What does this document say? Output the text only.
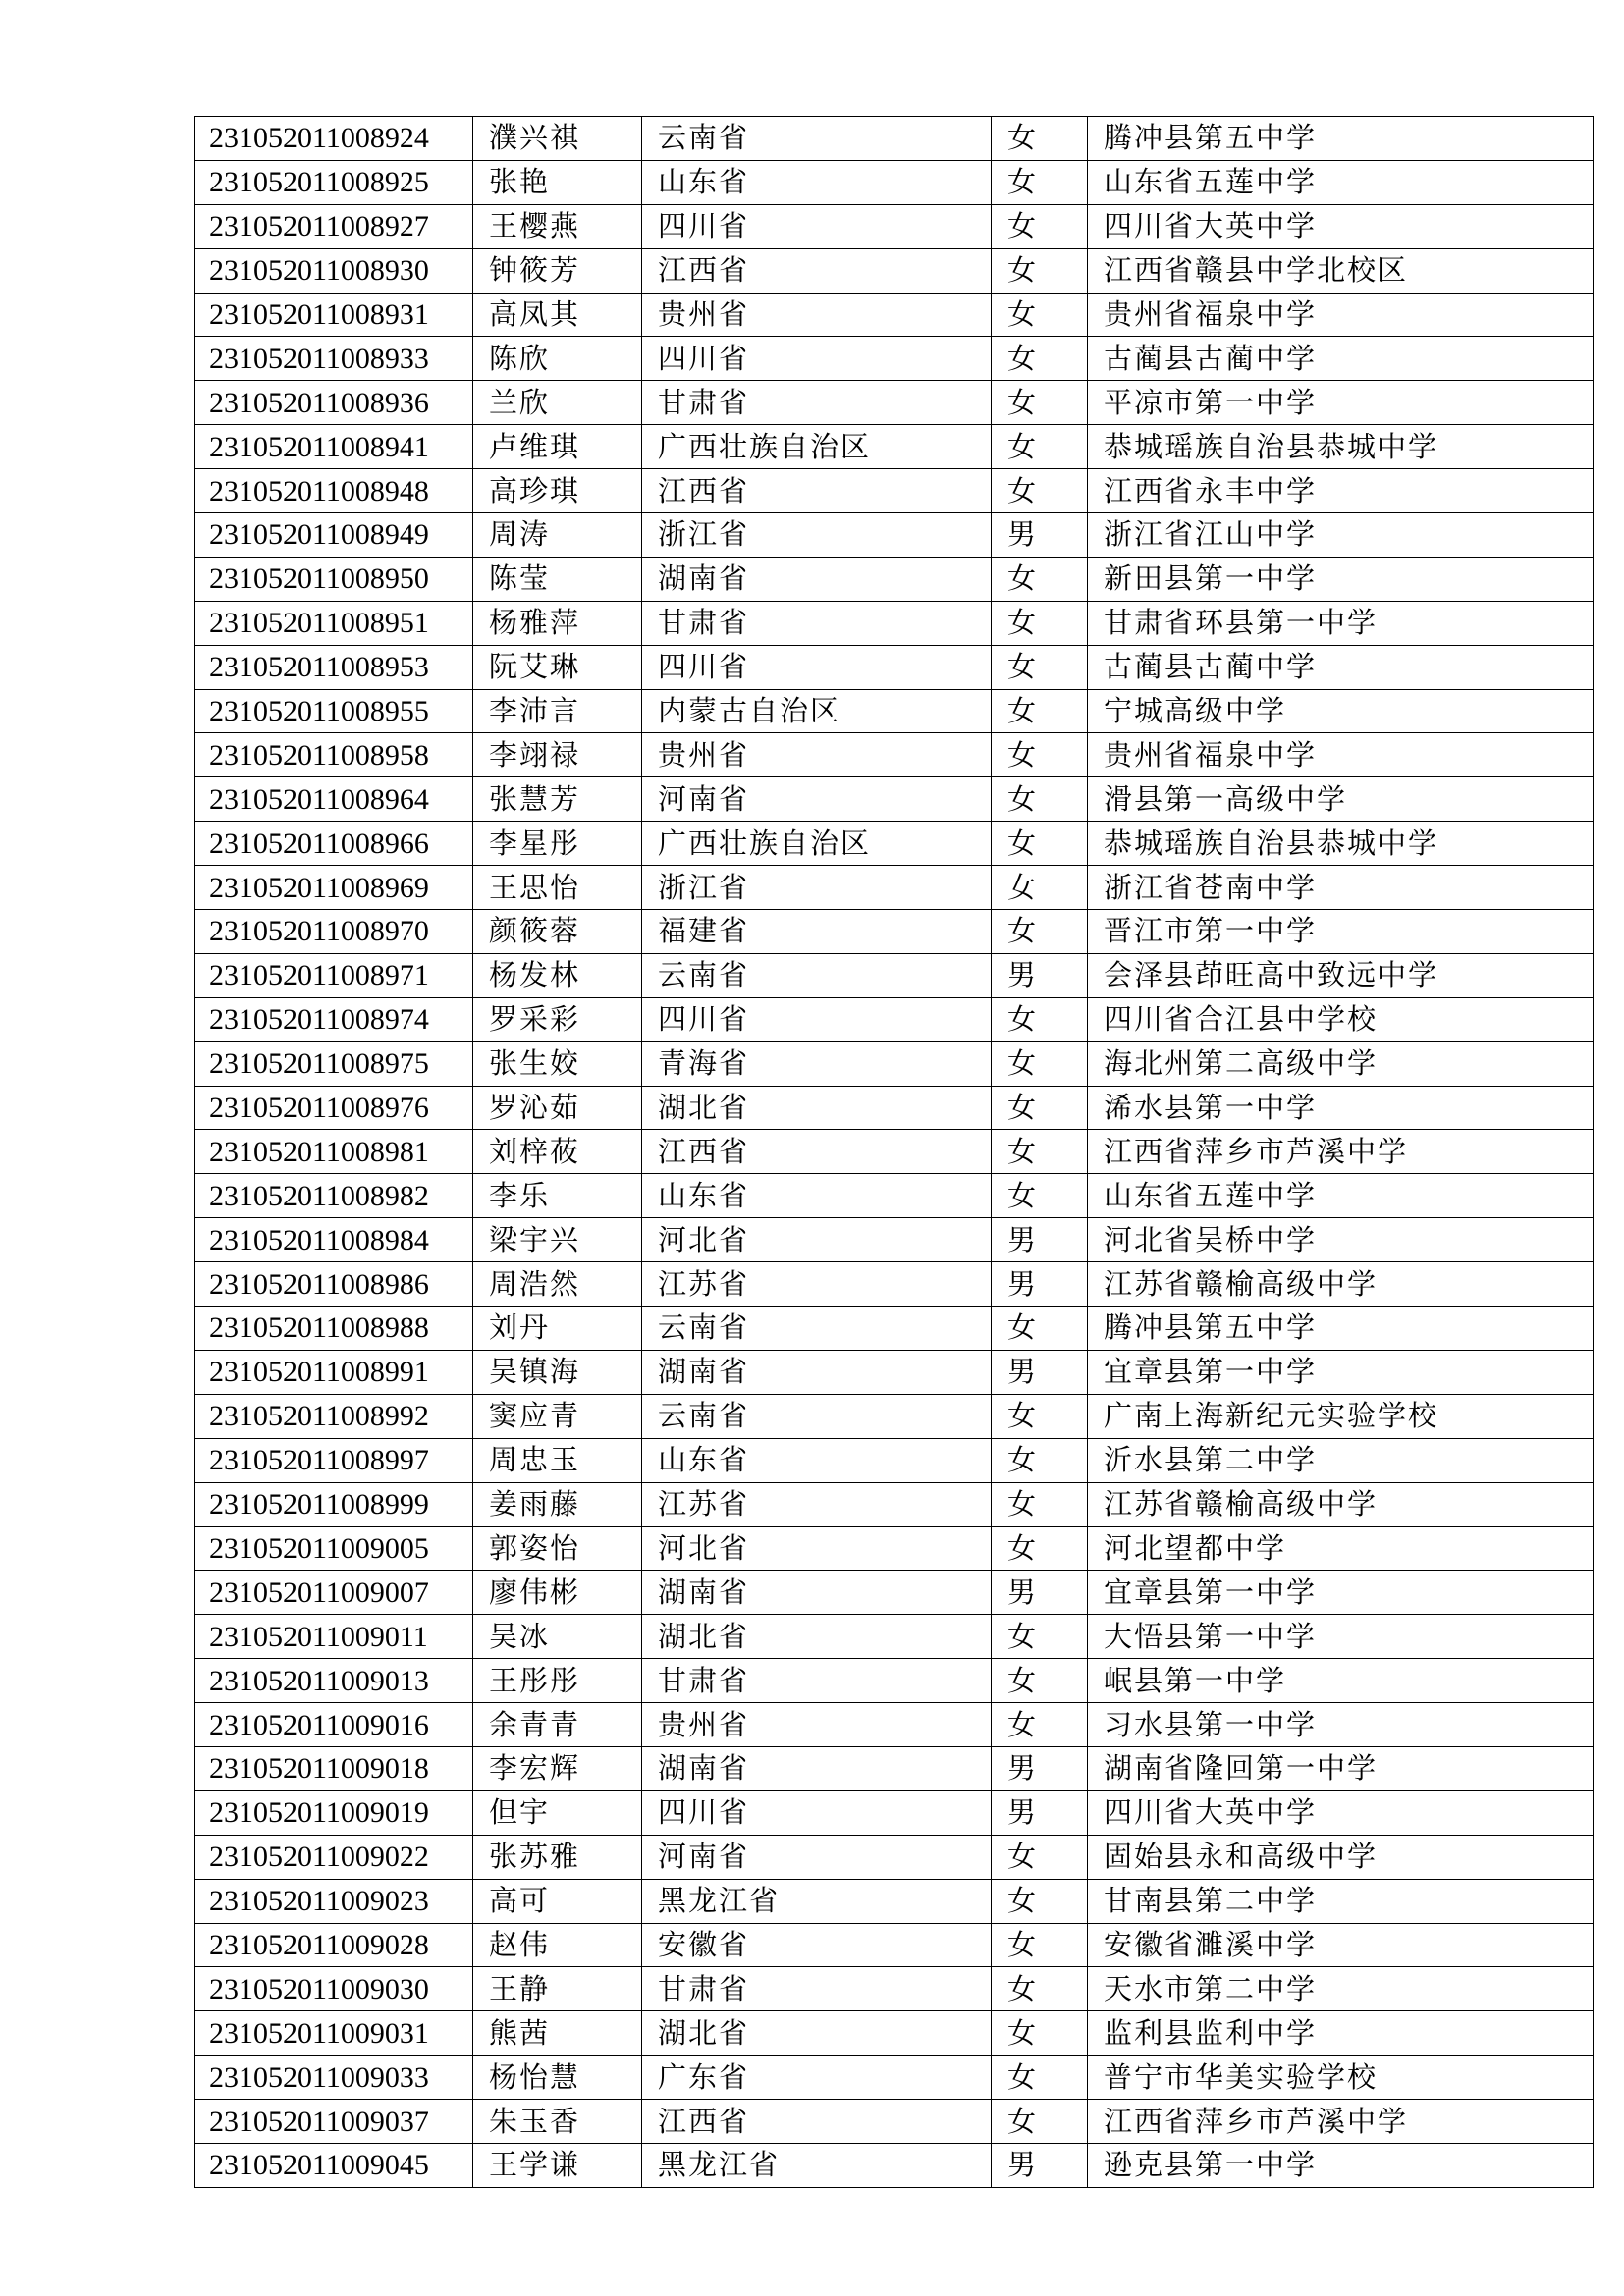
231052011008924	濮兴祺	云南省	女	腾冲县第五中学
231052011008925	张艳	山东省	女	山东省五莲中学
231052011008927	王樱燕	四川省	女	四川省大英中学
231052011008930	钟筱芳	江西省	女	江西省赣县中学北校区
231052011008931	高凤其	贵州省	女	贵州省福泉中学
231052011008933	陈欣	四川省	女	古蔺县古蔺中学
231052011008936	兰欣	甘肃省	女	平凉市第一中学
231052011008941	卢维琪	广西壮族自治区	女	恭城瑶族自治县恭城中学
231052011008948	高珍琪	江西省	女	江西省永丰中学
231052011008949	周涛	浙江省	男	浙江省江山中学
231052011008950	陈莹	湖南省	女	新田县第一中学
231052011008951	杨雅萍	甘肃省	女	甘肃省环县第一中学
231052011008953	阮艾琳	四川省	女	古蔺县古蔺中学
231052011008955	李沛言	内蒙古自治区	女	宁城高级中学
231052011008958	李翊禄	贵州省	女	贵州省福泉中学
231052011008964	张慧芳	河南省	女	滑县第一高级中学
231052011008966	李星彤	广西壮族自治区	女	恭城瑶族自治县恭城中学
231052011008969	王思怡	浙江省	女	浙江省苍南中学
231052011008970	颜筱蓉	福建省	女	晋江市第一中学
231052011008971	杨发林	云南省	男	会泽县茚旺高中致远中学
231052011008974	罗采彩	四川省	女	四川省合江县中学校
231052011008975	张生姣	青海省	女	海北州第二高级中学
231052011008976	罗沁茹	湖北省	女	浠水县第一中学
231052011008981	刘梓莜	江西省	女	江西省萍乡市芦溪中学
231052011008982	李乐	山东省	女	山东省五莲中学
231052011008984	梁宇兴	河北省	男	河北省吴桥中学
231052011008986	周浩然	江苏省	男	江苏省赣榆高级中学
231052011008988	刘丹	云南省	女	腾冲县第五中学
231052011008991	吴镇海	湖南省	男	宜章县第一中学
231052011008992	窦应青	云南省	女	广南上海新纪元实验学校
231052011008997	周忠玉	山东省	女	沂水县第二中学
231052011008999	姜雨藤	江苏省	女	江苏省赣榆高级中学
231052011009005	郭姿怡	河北省	女	河北望都中学
231052011009007	廖伟彬	湖南省	男	宜章县第一中学
231052011009011	吴冰	湖北省	女	大悟县第一中学
231052011009013	王彤彤	甘肃省	女	岷县第一中学
231052011009016	余青青	贵州省	女	习水县第一中学
231052011009018	李宏辉	湖南省	男	湖南省隆回第一中学
231052011009019	但宇	四川省	男	四川省大英中学
231052011009022	张苏雅	河南省	女	固始县永和高级中学
231052011009023	高可	黑龙江省	女	甘南县第二中学
231052011009028	赵伟	安徽省	女	安徽省濉溪中学
231052011009030	王静	甘肃省	女	天水市第二中学
231052011009031	熊茜	湖北省	女	监利县监利中学
231052011009033	杨怡慧	广东省	女	普宁市华美实验学校
231052011009037	朱玉香	江西省	女	江西省萍乡市芦溪中学
231052011009045	王学谦	黑龙江省	男	逊克县第一中学
